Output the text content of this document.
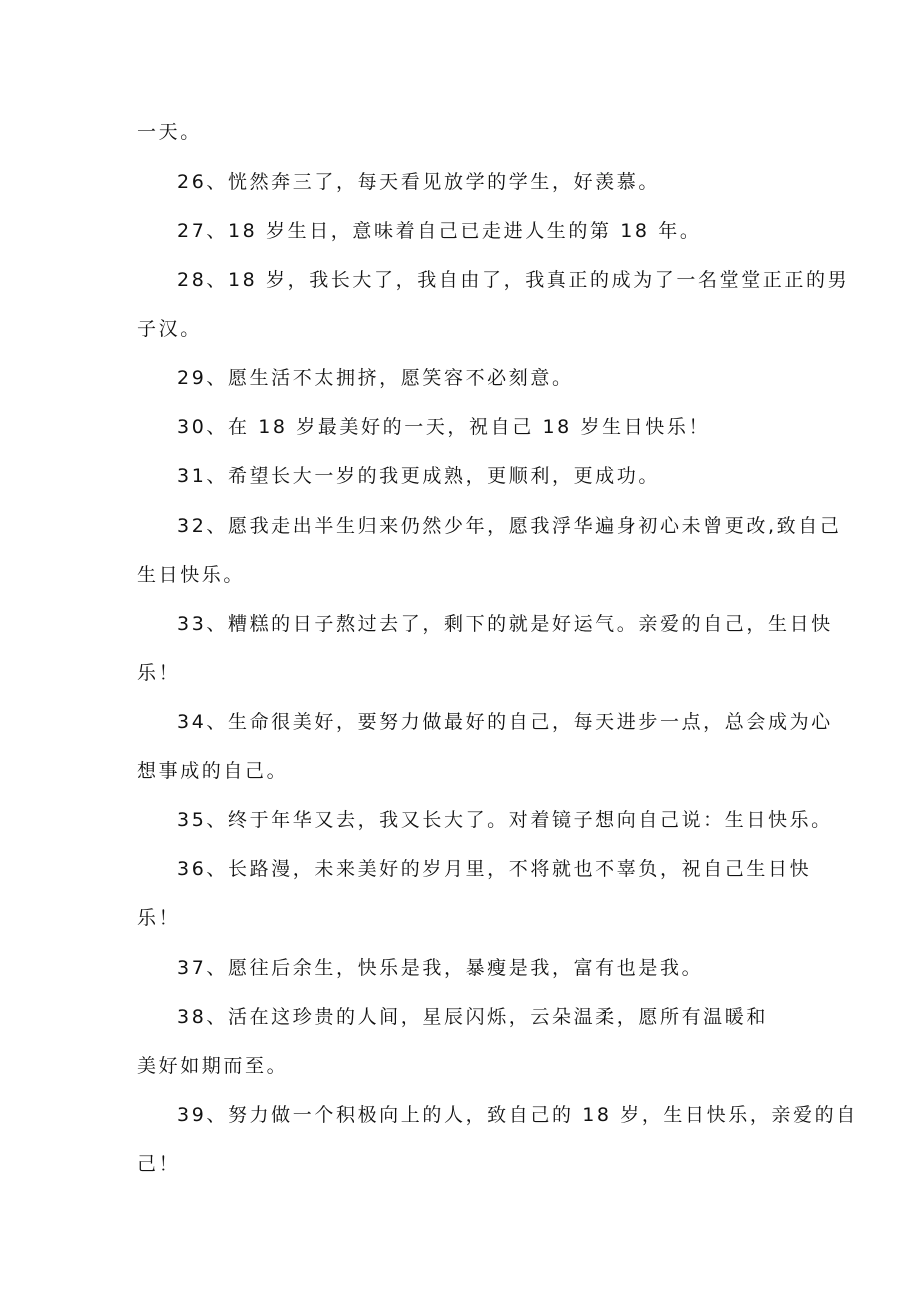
一天。
26、恍然奔三了，每天看见放学的学生，好羡慕。
27、18 岁生日，意味着自己已走进人生的第 18 年。
28、18 岁，我长大了，我自由了，我真正的成为了一名堂堂正正的男
子汉。
29、愿生活不太拥挤，愿笑容不必刻意。
30、在 18 岁最美好的一天，祝自己 18 岁生日快乐！
31、希望长大一岁的我更成熟，更顺利，更成功。
32、愿我走出半生归来仍然少年，愿我浮华遍身初心未曾更改,致自己
生日快乐。
33、糟糕的日子熬过去了，剩下的就是好运气。亲爱的自己，生日快
乐！
34、生命很美好，要努力做最好的自己，每天进步一点，总会成为心
想事成的自己。
35、终于年华又去，我又长大了。对着镜子想向自己说：生日快乐。
36、长路漫，未来美好的岁月里，不将就也不辜负，祝自己生日快
乐！
37、愿往后余生，快乐是我，暴瘦是我，富有也是我。
38、活在这珍贵的人间，星辰闪烁，云朵温柔，愿所有温暖和
美好如期而至。
39、努力做一个积极向上的人，致自己的 18 岁，生日快乐，亲爱的自
己！
